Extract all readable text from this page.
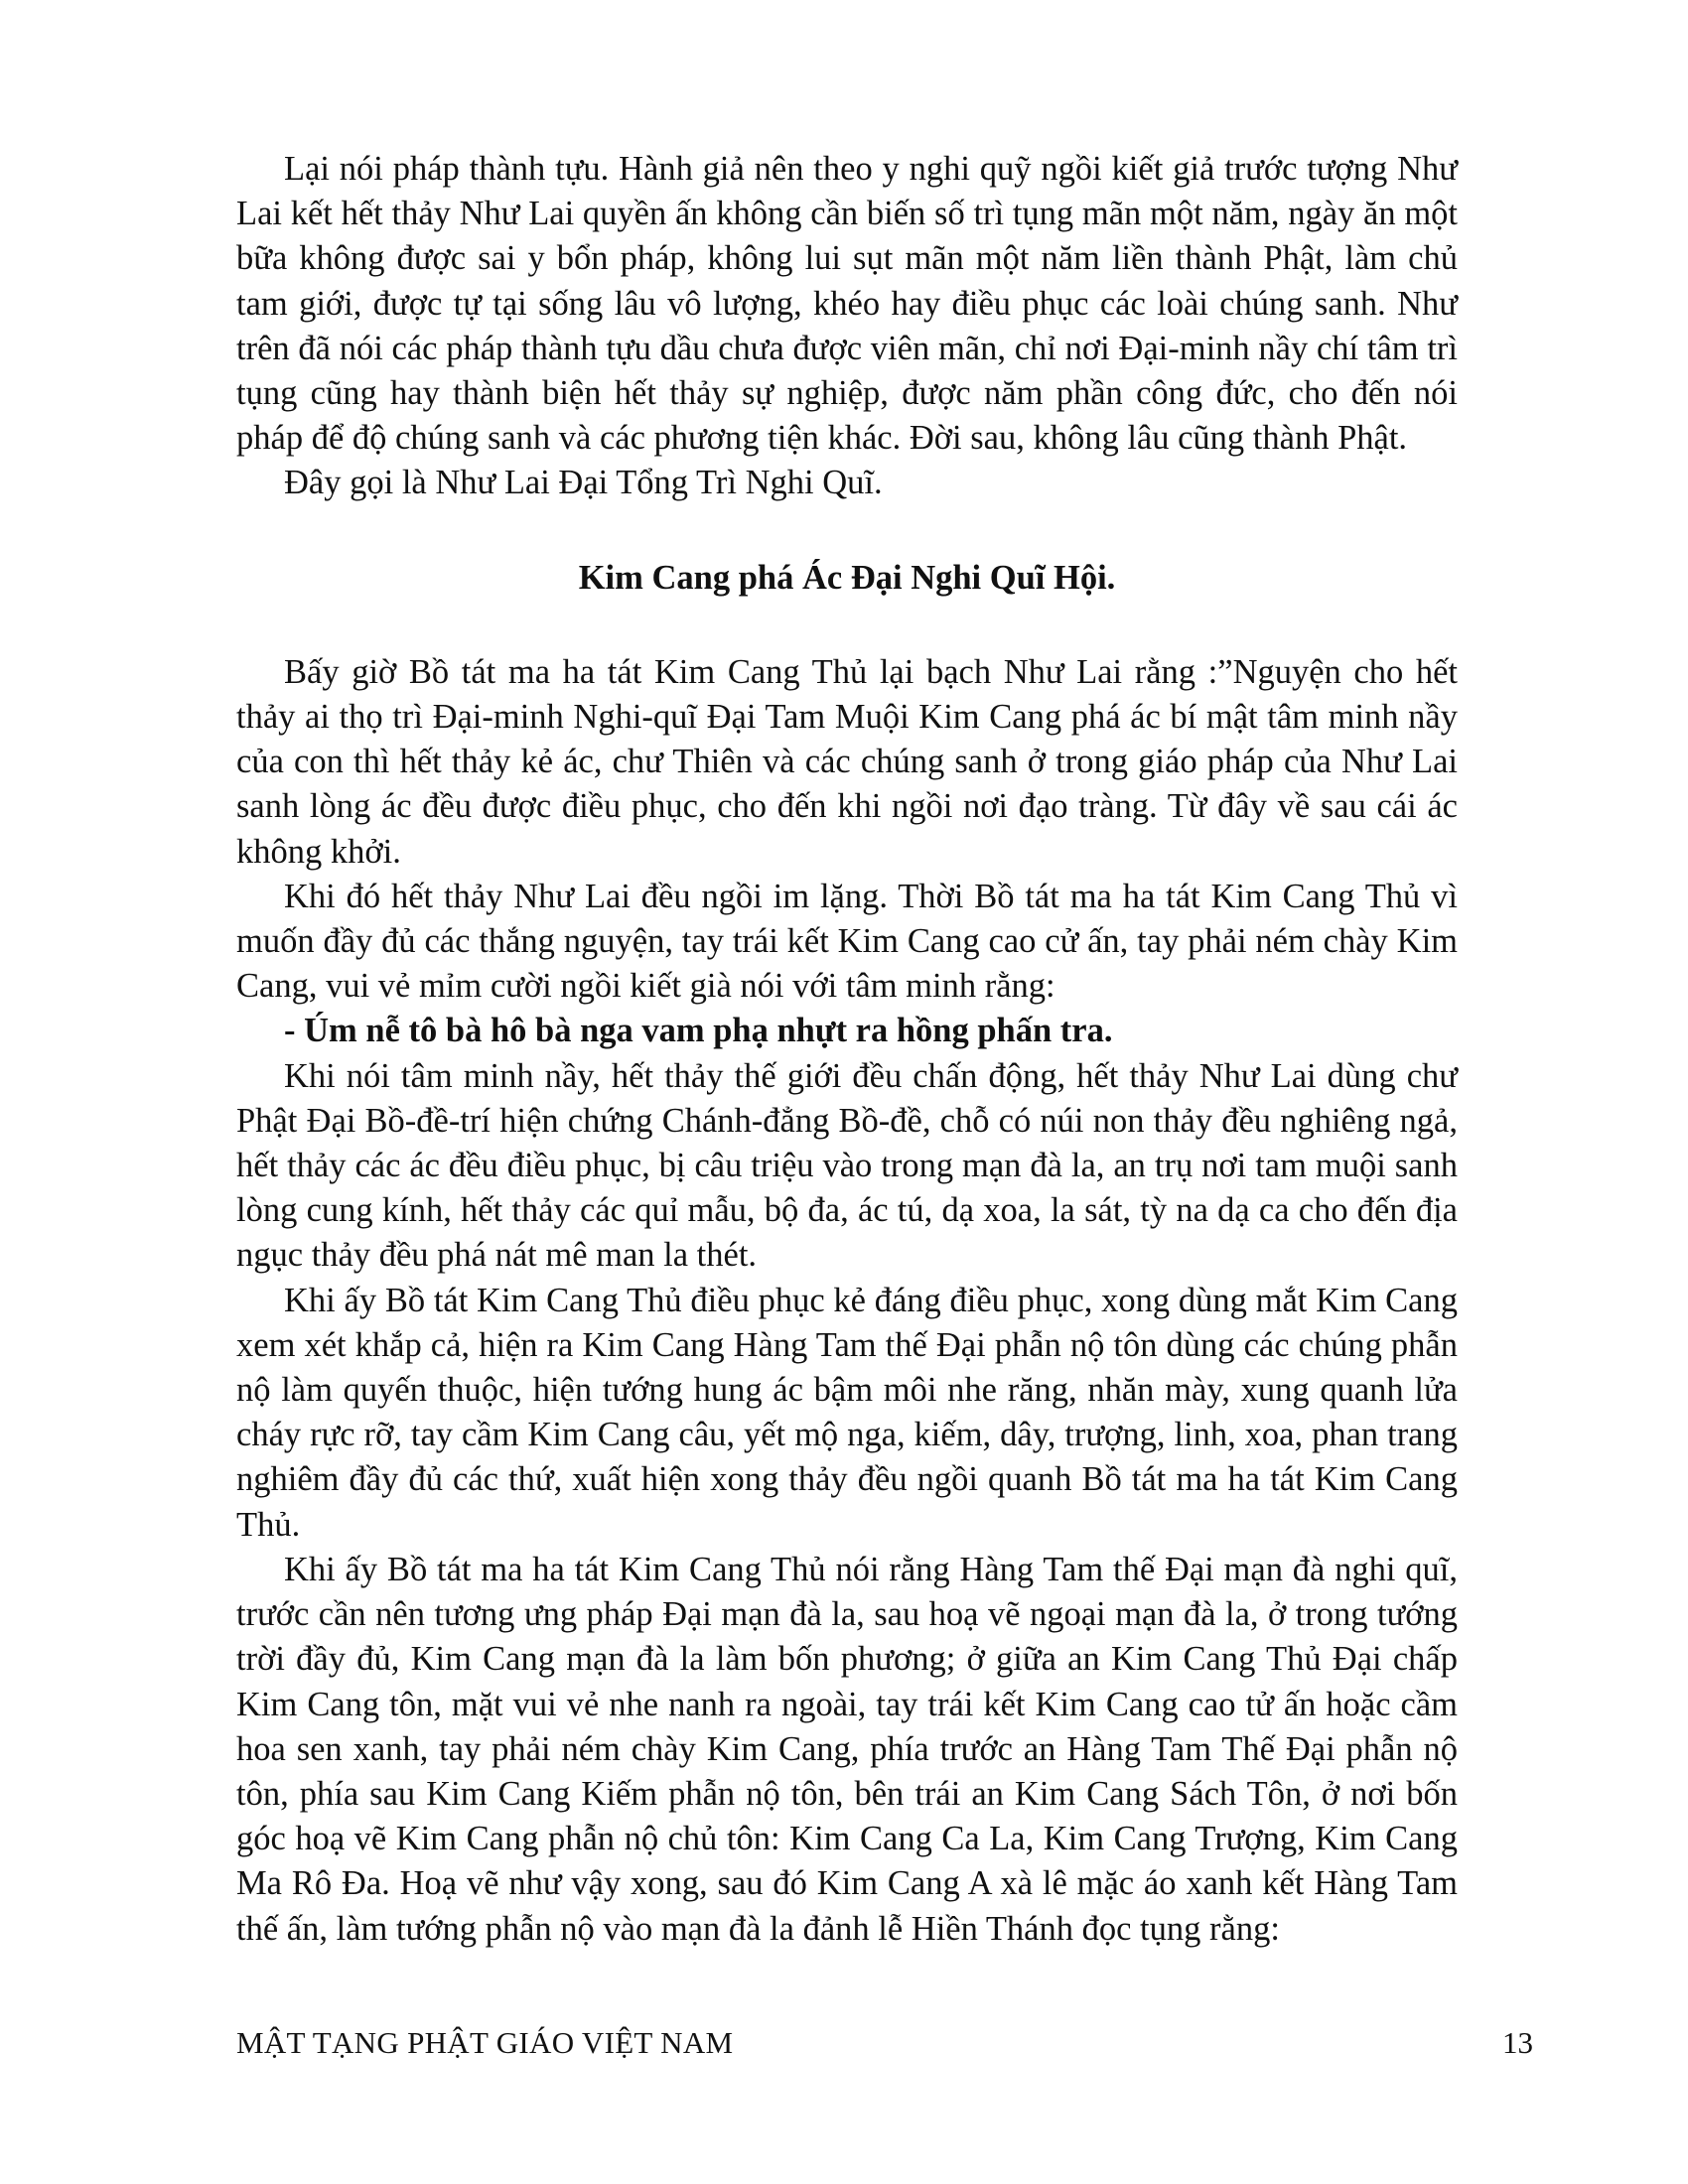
Lại nói pháp thành tựu. Hành giả nên theo y nghi quỹ ngồi kiết giả trước tượng Như Lai kết hết thảy Như Lai quyền ấn không cần biến số trì tụng mãn một năm, ngày ăn một bữa không được sai y bổn pháp, không lui sụt mãn một năm liền thành Phật, làm chủ tam giới, được tự tại sống lâu vô lượng, khéo hay điều phục các loài chúng sanh. Như trên đã nói các pháp thành tựu dầu chưa được viên mãn, chỉ nơi Đại-minh nầy chí tâm trì tụng cũng hay thành biện hết thảy sự nghiệp, được năm phần công đức, cho đến nói pháp để độ chúng sanh và các phương tiện khác. Đời sau, không lâu cũng thành Phật.

Đây gọi là Như Lai Đại Tổng Trì Nghi Quĩ.

Kim Cang phá Ác Đại Nghi Quĩ Hội.

Bấy giờ Bồ tát ma ha tát Kim Cang Thủ lại bạch Như Lai rằng :”Nguyện cho hết thảy ai thọ trì Đại-minh Nghi-quĩ Đại Tam Muội Kim Cang phá ác bí mật tâm minh nầy của con thì hết thảy kẻ ác, chư Thiên và các chúng sanh ở trong giáo pháp của Như Lai sanh lòng ác đều được điều phục, cho đến khi ngồi nơi đạo tràng. Từ đây về sau cái ác không khởi.

Khi đó hết thảy Như Lai đều ngồi im lặng. Thời Bồ tát ma ha tát Kim Cang Thủ vì muốn đầy đủ các thắng nguyện, tay trái kết Kim Cang cao cử ấn, tay phải ném chày Kim Cang, vui vẻ mỉm cười ngồi kiết già nói với tâm minh rằng:

- Úm nễ tô bà hô bà nga vam phạ nhựt ra hồng phấn tra.

Khi nói tâm minh nầy, hết thảy thế giới đều chấn động, hết thảy Như Lai dùng chư Phật Đại Bồ-đề-trí hiện chứng Chánh-đẳng Bồ-đề, chỗ có núi non thảy đều nghiêng ngả, hết thảy các ác đều điều phục, bị câu triệu vào trong mạn đà la, an trụ nơi tam muội sanh lòng cung kính, hết thảy các quỉ mẫu, bộ đa, ác tú, dạ xoa, la sát, tỳ na dạ ca cho đến địa ngục thảy đều phá nát mê man la thét.

Khi ấy Bồ tát Kim Cang Thủ điều phục kẻ đáng điều phục, xong dùng mắt Kim Cang xem xét khắp cả, hiện ra Kim Cang Hàng Tam thế Đại phẫn nộ tôn dùng các chúng phẫn nộ làm quyến thuộc, hiện tướng hung ác bậm môi nhe răng, nhăn mày, xung quanh lửa cháy rực rỡ, tay cầm Kim Cang câu, yết mộ nga, kiếm, dây, trượng, linh, xoa, phan trang nghiêm đầy đủ các thứ, xuất hiện xong thảy đều ngồi quanh Bồ tát ma ha tát Kim Cang Thủ.

Khi ấy Bồ tát ma ha tát Kim Cang Thủ nói rằng Hàng Tam thế Đại mạn đà nghi quĩ, trước cần nên tương ưng pháp Đại mạn đà la, sau hoạ vẽ ngoại mạn đà la, ở trong tướng trời đầy đủ, Kim Cang mạn đà la làm bốn phương; ở giữa an Kim Cang Thủ Đại chấp Kim Cang tôn, mặt vui vẻ nhe nanh ra ngoài, tay trái kết Kim Cang cao tử ấn hoặc cầm hoa sen xanh, tay phải ném chày Kim Cang, phía trước an Hàng Tam Thế Đại phẫn nộ tôn, phía sau Kim Cang Kiếm phẫn nộ tôn, bên trái an Kim Cang Sách Tôn, ở nơi bốn góc hoạ vẽ Kim Cang phẫn nộ chủ tôn: Kim Cang Ca La, Kim Cang Trượng, Kim Cang Ma Rô Đa. Hoạ vẽ như vậy xong, sau đó Kim Cang A xà lê mặc áo xanh kết Hàng Tam thế ấn, làm tướng phẫn nộ vào mạn đà la đảnh lễ Hiền Thánh đọc tụng rằng:

MẬT TẠNG PHẬT GIÁO VIỆT NAM	13
